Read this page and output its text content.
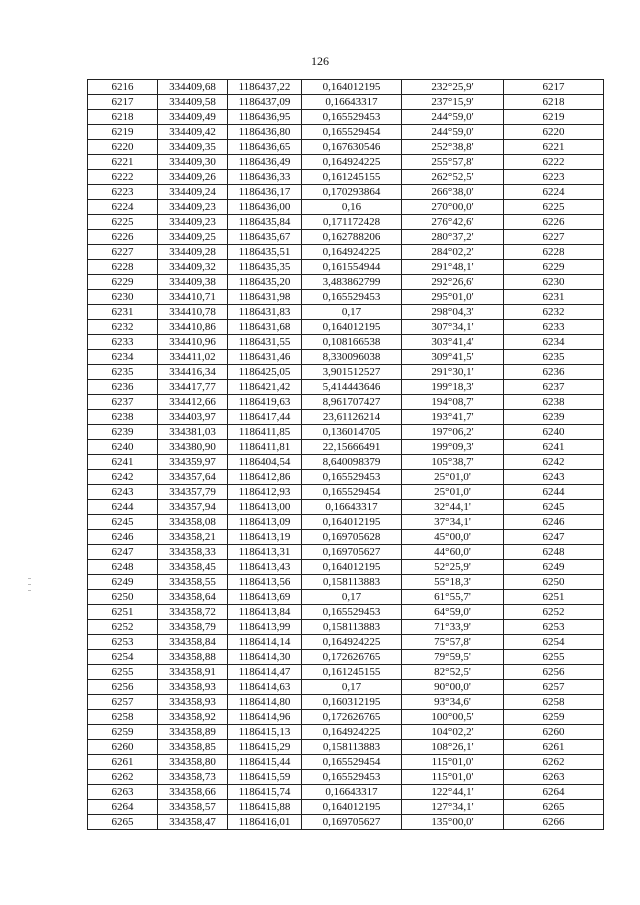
126
6216	334409,68	1186437,22	0,164012195	232°25,9'	6217
6217	334409,58	1186437,09	0,16643317	237°15,9'	6218
6218	334409,49	1186436,95	0,165529453	244°59,0'	6219
6219	334409,42	1186436,80	0,165529454	244°59,0'	6220
6220	334409,35	1186436,65	0,167630546	252°38,8'	6221
6221	334409,30	1186436,49	0,164924225	255°57,8'	6222
6222	334409,26	1186436,33	0,161245155	262°52,5'	6223
6223	334409,24	1186436,17	0,170293864	266°38,0'	6224
6224	334409,23	1186436,00	0,16	270°00,0'	6225
6225	334409,23	1186435,84	0,171172428	276°42,6'	6226
6226	334409,25	1186435,67	0,162788206	280°37,2'	6227
6227	334409,28	1186435,51	0,164924225	284°02,2'	6228
6228	334409,32	1186435,35	0,161554944	291°48,1'	6229
6229	334409,38	1186435,20	3,483862799	292°26,6'	6230
6230	334410,71	1186431,98	0,165529453	295°01,0'	6231
6231	334410,78	1186431,83	0,17	298°04,3'	6232
6232	334410,86	1186431,68	0,164012195	307°34,1'	6233
6233	334410,96	1186431,55	0,108166538	303°41,4'	6234
6234	334411,02	1186431,46	8,330096038	309°41,5'	6235
6235	334416,34	1186425,05	3,901512527	291°30,1'	6236
6236	334417,77	1186421,42	5,414443646	199°18,3'	6237
6237	334412,66	1186419,63	8,961707427	194°08,7'	6238
6238	334403,97	1186417,44	23,61126214	193°41,7'	6239
6239	334381,03	1186411,85	0,136014705	197°06,2'	6240
6240	334380,90	1186411,81	22,15666491	199°09,3'	6241
6241	334359,97	1186404,54	8,640098379	105°38,7'	6242
6242	334357,64	1186412,86	0,165529453	25°01,0'	6243
6243	334357,79	1186412,93	0,165529454	25°01,0'	6244
6244	334357,94	1186413,00	0,16643317	32°44,1'	6245
6245	334358,08	1186413,09	0,164012195	37°34,1'	6246
6246	334358,21	1186413,19	0,169705628	45°00,0'	6247
6247	334358,33	1186413,31	0,169705627	44°60,0'	6248
6248	334358,45	1186413,43	0,164012195	52°25,9'	6249
6249	334358,55	1186413,56	0,158113883	55°18,3'	6250
6250	334358,64	1186413,69	0,17	61°55,7'	6251
6251	334358,72	1186413,84	0,165529453	64°59,0'	6252
6252	334358,79	1186413,99	0,158113883	71°33,9'	6253
6253	334358,84	1186414,14	0,164924225	75°57,8'	6254
6254	334358,88	1186414,30	0,172626765	79°59,5'	6255
6255	334358,91	1186414,47	0,161245155	82°52,5'	6256
6256	334358,93	1186414,63	0,17	90°00,0'	6257
6257	334358,93	1186414,80	0,160312195	93°34,6'	6258
6258	334358,92	1186414,96	0,172626765	100°00,5'	6259
6259	334358,89	1186415,13	0,164924225	104°02,2'	6260
6260	334358,85	1186415,29	0,158113883	108°26,1'	6261
6261	334358,80	1186415,44	0,165529454	115°01,0'	6262
6262	334358,73	1186415,59	0,165529453	115°01,0'	6263
6263	334358,66	1186415,74	0,16643317	122°44,1'	6264
6264	334358,57	1186415,88	0,164012195	127°34,1'	6265
6265	334358,47	1186416,01	0,169705627	135°00,0'	6266
